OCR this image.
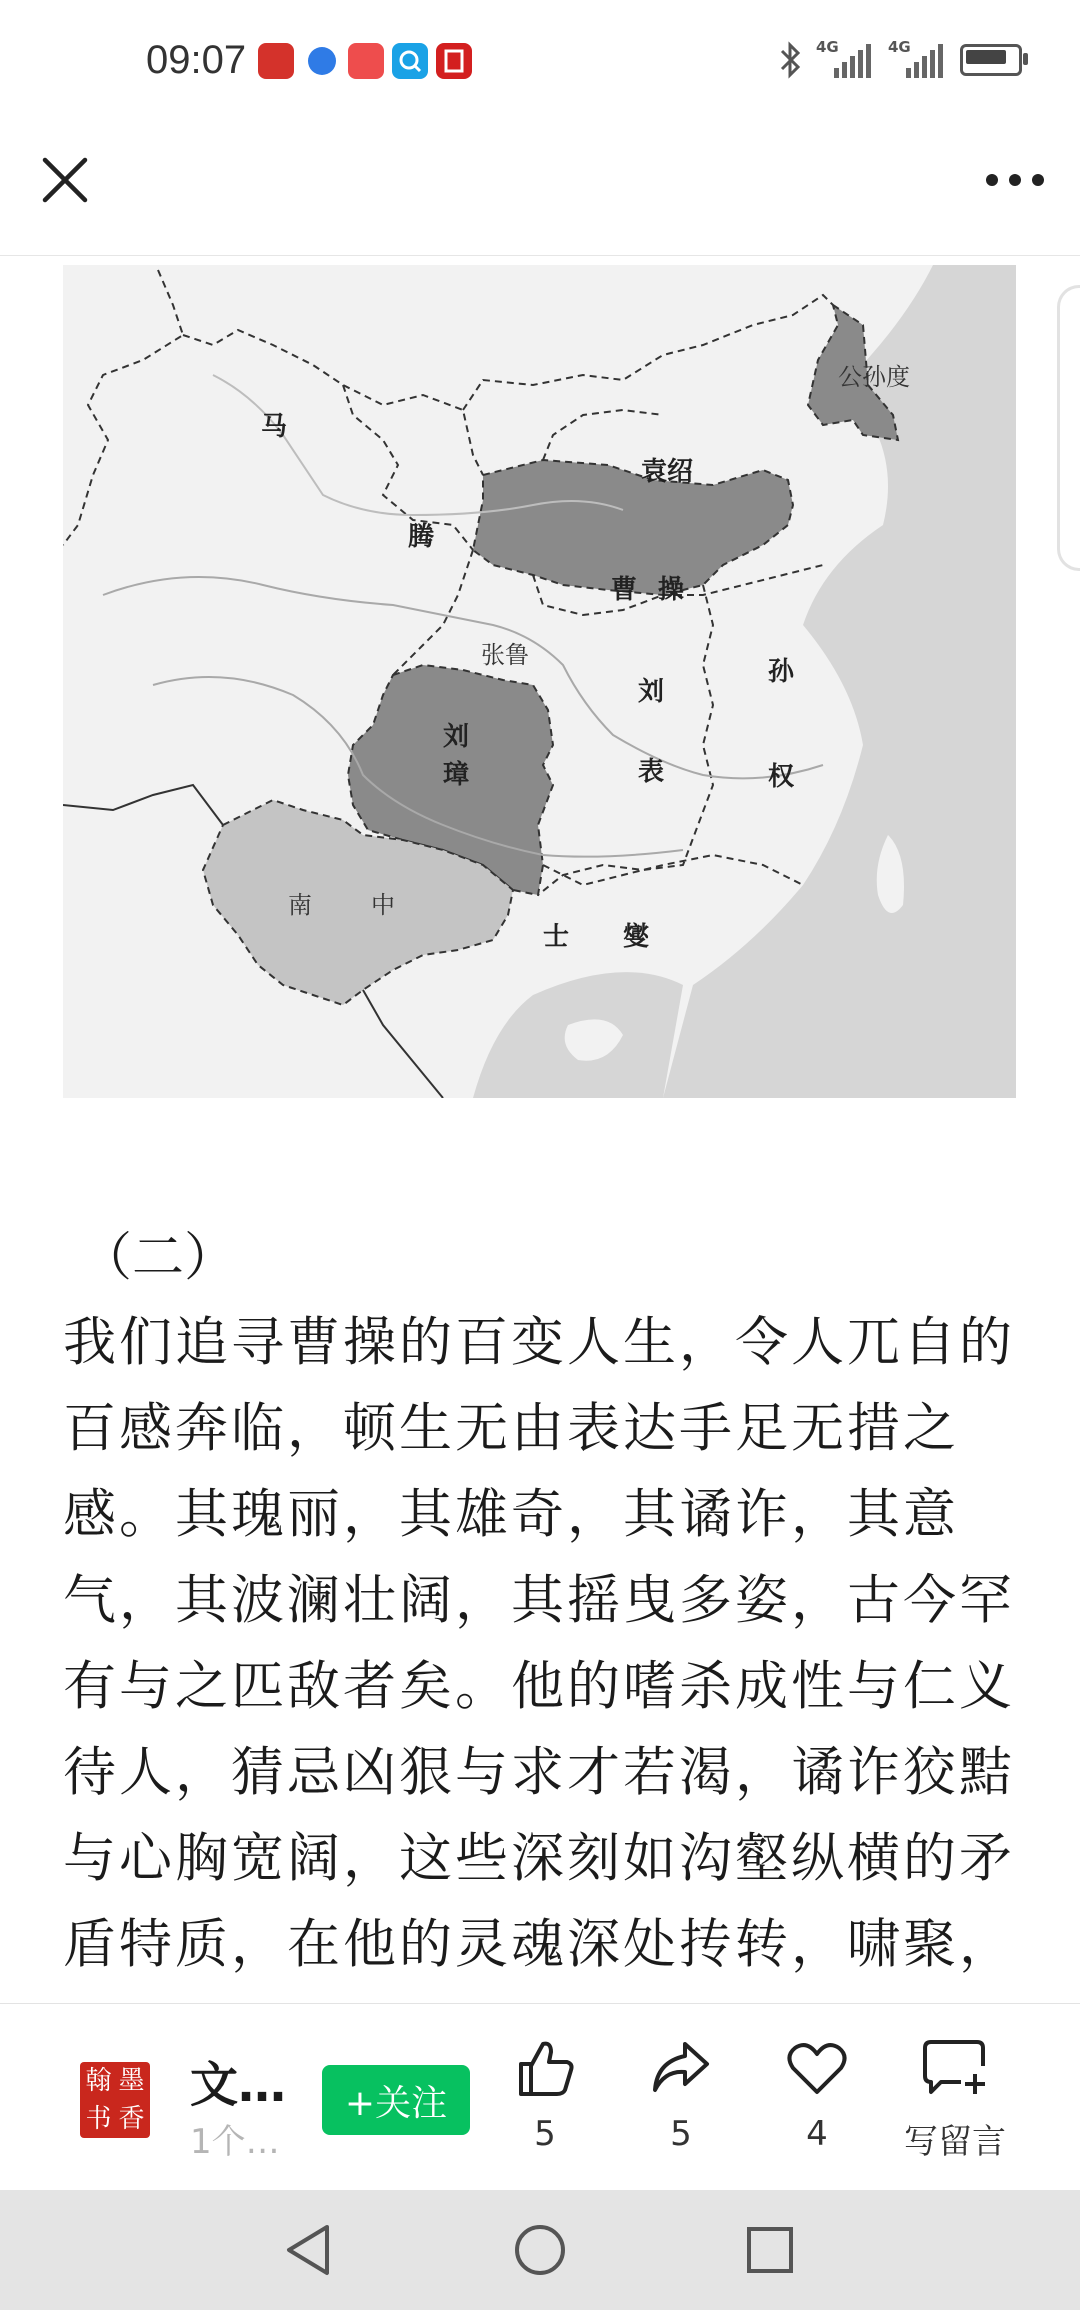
09:07	4G	4G
马
腾
袁绍
曹 操
刘
表
孙
权
刘
璋
士 燮
公孙度
张鲁
南 中
（二）

我们追寻曹操的百变人生，令人兀自的百感奔临，顿生无由表达手足无措之感。其瑰丽，其雄奇，其谲诈，其意气，其波澜壮阔，其摇曳多姿，古今罕有与之匹敌者矣。他的嗜杀成性与仁义待人，猜忌凶狠与求才若渴，谲诈狡黠与心胸宽阔，这些深刻如沟壑纵横的矛盾特质，在他的灵魂深处抟转，啸聚，

翰 墨
书 香
文…
1个…
+关注
5	5	4	写留言
